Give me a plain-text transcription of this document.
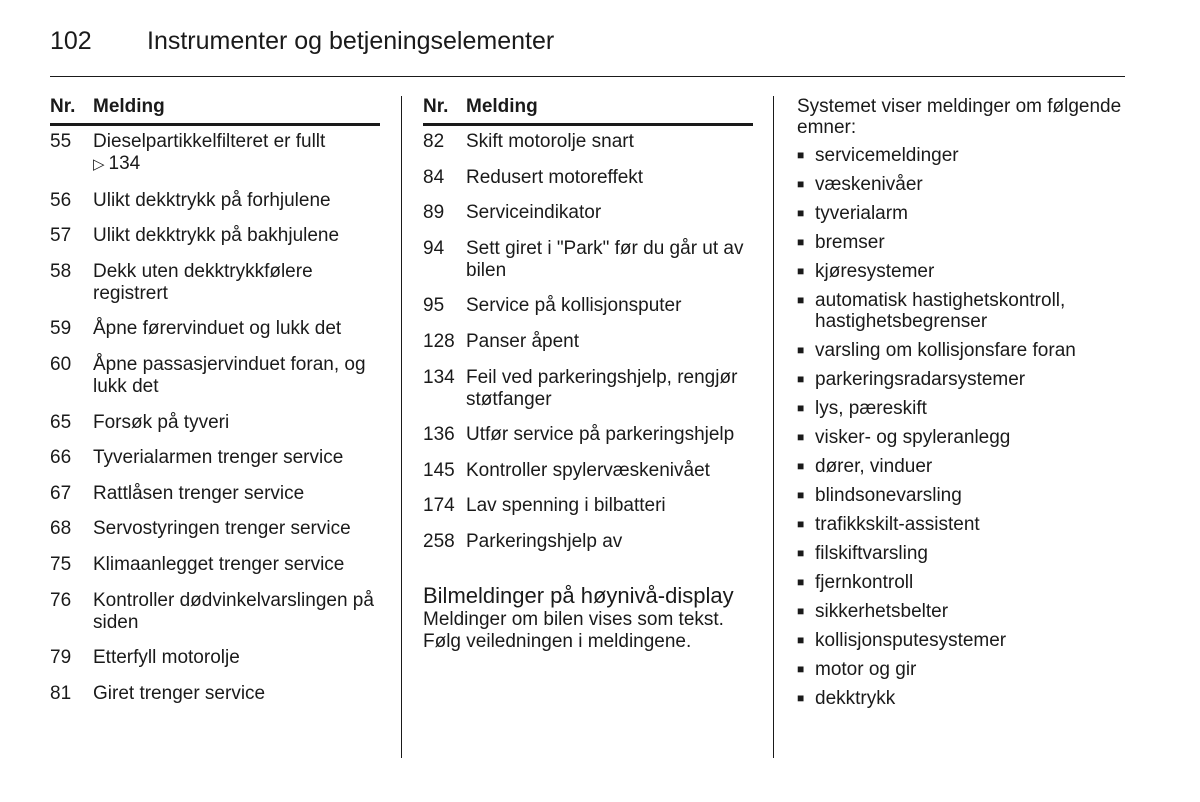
102 Instrumenter og betjeningselementer
Nr. Melding
55	Dieselpartikkelfilteret er fullt
▷ 134
56	Ulikt dekktrykk på forhjulene
57	Ulikt dekktrykk på bakhjulene
58	Dekk uten dekktrykkfølere registrert
59	Åpne førervinduet og lukk det
60	Åpne passasjervinduet foran, og lukk det
65	Forsøk på tyveri
66	Tyverialarmen trenger service
67	Rattlåsen trenger service
68	Servostyringen trenger service
75	Klimaanlegget trenger service
76	Kontroller dødvinkelvarslingen på siden
79	Etterfyll motorolje
81	Giret trenger service
Nr. Melding
82	Skift motorolje snart
84	Redusert motoreffekt
89	Serviceindikator
94	Sett giret i "Park" før du går ut av bilen
95	Service på kollisjonsputer
128 Panser åpent
134 Feil ved parkeringshjelp, rengjør støtfanger
136 Utfør service på parkeringshjelp
145 Kontroller spylervæskenivået
174 Lav spenning i bilbatteri
258 Parkeringshjelp av
Bilmeldinger på høynivå-display
Meldinger om bilen vises som tekst. Følg veiledningen i meldingene.
Systemet viser meldinger om følgende emner:
■ servicemeldinger
■ væskenivåer
■ tyverialarm
■ bremser
■ kjøresystemer
■ automatisk hastighetskontroll, hastighetsbegrenser
■ varsling om kollisjonsfare foran
■ parkeringsradarsystemer
■ lys, pæreskift
■ visker- og spyleranlegg
■ dører, vinduer
■ blindsonevarsling
■ trafikkskilt-assistent
■ filskiftvarsling
■ fjernkontroll
■ sikkerhetsbelter
■ kollisjonsputesystemer
■ motor og gir
■ dekktrykk
